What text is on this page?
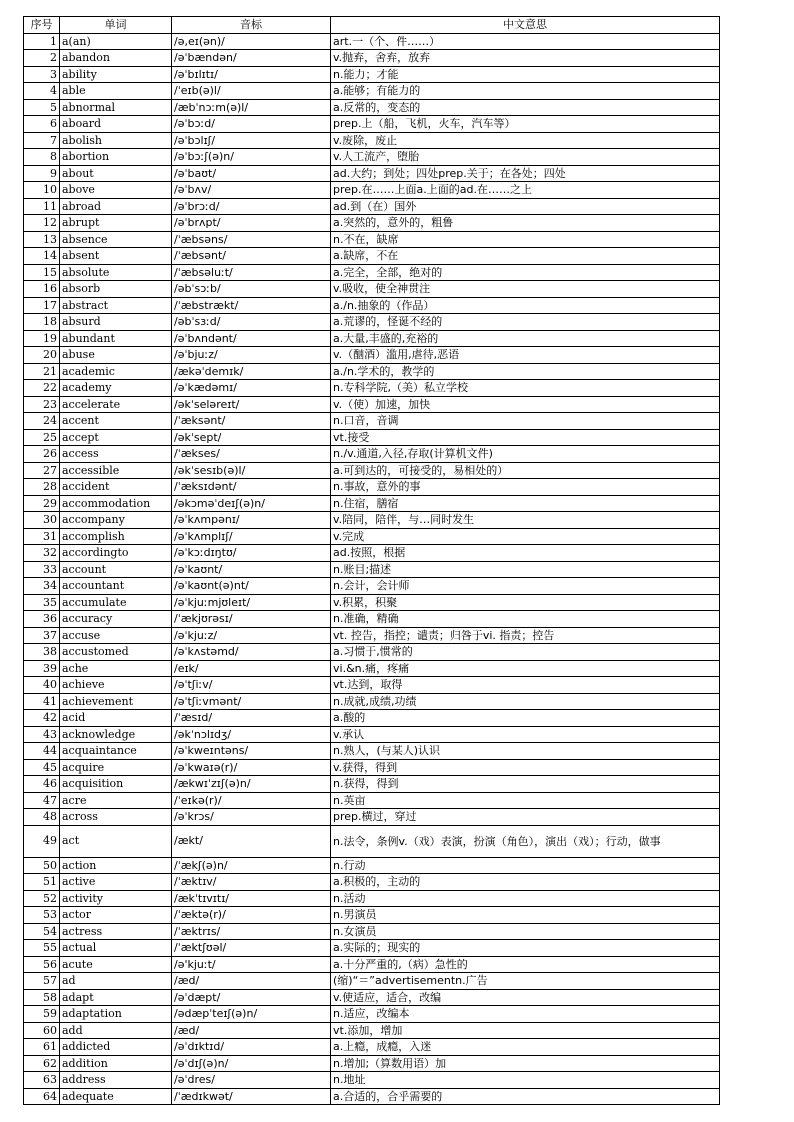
序号	单词	音标	中文意思
1	a(an)	/ə,eɪ(ən)/	art.一（个、件……）
2	abandon	/əˈbændən/	v.抛弃，舍弃，放弃
3	ability	/əˈbɪlɪtɪ/	n.能力；才能
4	able	/ˈeɪb(ə)l/	a.能够；有能力的
5	abnormal	/æbˈnɔːm(ə)l/	a.反常的，变态的
6	aboard	/əˈbɔːd/	prep.上（船，飞机，火车，汽车等）
7	abolish	/əˈbɔlɪʃ/	v.废除，废止
8	abortion	/əˈbɔːʃ(ə)n/	v.人工流产，堕胎
9	about	/əˈbaʊt/	ad.大约；到处；四处prep.关于；在各处；四处
10	above	/əˈbʌv/	prep.在……上面a.上面的ad.在……之上
11	abroad	/əˈbrɔːd/	ad.到（在）国外
12	abrupt	/əˈbrʌpt/	a.突然的，意外的，粗鲁
13	absence	/ˈæbsəns/	n.不在，缺席
14	absent	/ˈæbsənt/	a.缺席，不在
15	absolute	/ˈæbsəluːt/	a.完全，全部，绝对的
16	absorb	/əbˈsɔːb/	v.吸收，使全神贯注
17	abstract	/ˈæbstrækt/	a./n.抽象的（作品）
18	absurd	/əbˈsɜːd/	a.荒谬的，怪诞不经的
19	abundant	/əˈbʌndənt/	a.大量,丰盛的,充裕的
20	abuse	/əˈbjuːz/	v.（酗酒）滥用,虐待,恶语
21	academic	/ækəˈdemɪk/	a./n.学术的，教学的
22	academy	/əˈkædəmɪ/	n.专科学院,（美）私立学校
23	accelerate	/əkˈseləreɪt/	v.（使）加速，加快
24	accent	/ˈæksənt/	n.口音，音调
25	accept	/əkˈsept/	vt.接受
26	access	/ˈækses/	n./v.通道,入径,存取(计算机文件)
27	accessible	/əkˈsesɪb(ə)l/	a.可到达的，可接受的，易相处的）
28	accident	/ˈæksɪdənt/	n.事故，意外的事
29	accommodation	/əkɔməˈdeɪʃ(ə)n/	n.住宿，膳宿
30	accompany	/əˈkʌmpənɪ/	v.陪同，陪伴，与…同时发生
31	accomplish	/əˈkʌmplɪʃ/	v.完成
32	accordingto	/əˈkɔːdɪŋtʊ/	ad.按照，根据
33	account	/əˈkaʊnt/	n.账目;描述
34	accountant	/əˈkaʊnt(ə)nt/	n.会计，会计师
35	accumulate	/əˈkjuːmjʊleɪt/	v.积累，积聚
36	accuracy	/ˈækjʊrəsɪ/	n.准确，精确
37	accuse	/əˈkjuːz/	vt. 控告，指控；谴责；归咎于vi. 指责；控告
38	accustomed	/əˈkʌstəmd/	a.习惯于,惯常的
39	ache	/eɪk/	vi.&n.痛，疼痛
40	achieve	/əˈtʃiːv/	vt.达到，取得
41	achievement	/əˈtʃiːvmənt/	n.成就,成绩,功绩
42	acid	/ˈæsɪd/	a.酸的
43	acknowledge	/əkˈnɔlɪdʒ/	v.承认
44	acquaintance	/əˈkweɪntəns/	n.熟人，(与某人)认识
45	acquire	/əˈkwaɪə(r)/	v.获得，得到
46	acquisition	/ækwɪˈzɪʃ(ə)n/	n.获得，得到
47	acre	/ˈeɪkə(r)/	n.英亩
48	across	/əˈkrɔs/	prep.横过，穿过
49	act	/ækt/	n.法令，条例v.（戏）表演，扮演（角色），演出（戏）；行动，做事
50	action	/ˈækʃ(ə)n/	n.行动
51	active	/ˈæktɪv/	a.积极的，主动的
52	activity	/ækˈtɪvɪtɪ/	n.活动
53	actor	/ˈæktə(r)/	n.男演员
54	actress	/ˈæktrɪs/	n.女演员
55	actual	/ˈæktʃʊəl/	a.实际的；现实的
56	acute	/ə'kjuːt/	a.十分严重的,（病）急性的
57	ad	/æd/	(缩)“＝”advertisementn.广告
58	adapt	/əˈdæpt/	v.使适应，适合，改编
59	adaptation	/ədæpˈteɪʃ(ə)n/	n.适应，改编本
60	add	/æd/	vt.添加，增加
61	addicted	/əˈdɪktɪd/	a.上瘾，成瘾，入迷
62	addition	/əˈdɪʃ(ə)n/	n.增加;（算数用语）加
63	address	/əˈdres/	n.地址
64	adequate	/ˈædɪkwət/	a.合适的，合乎需要的
